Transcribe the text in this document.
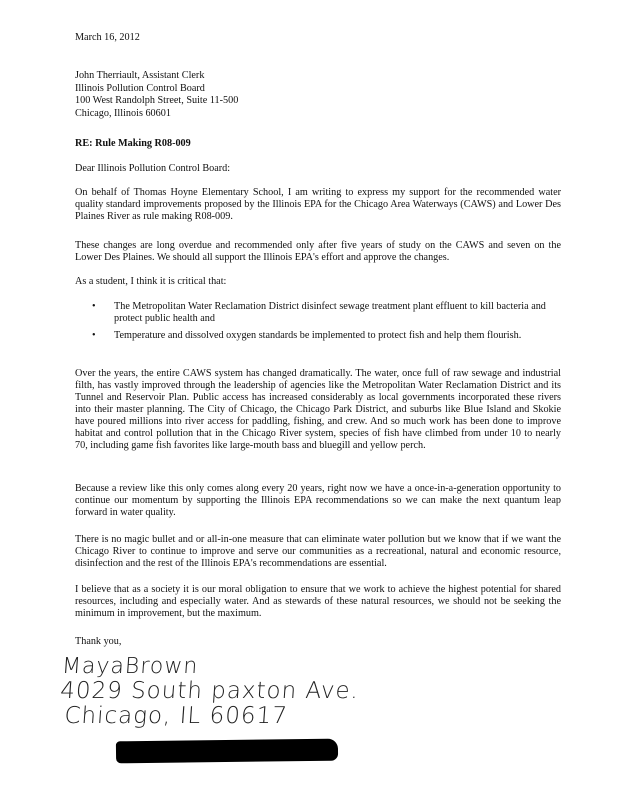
March 16, 2012
John Therriault, Assistant Clerk
Illinois Pollution Control Board
100 West Randolph Street, Suite 11-500
Chicago, Illinois 60601
RE: Rule Making R08-009
Dear Illinois Pollution Control Board:

On behalf of Thomas Hoyne Elementary School, I am writing to express my support for the recommended water quality standard improvements proposed by the Illinois EPA for the Chicago Area Waterways (CAWS) and Lower Des Plaines River as rule making R08-009.

These changes are long overdue and recommended only after five years of study on the CAWS and seven on the Lower Des Plaines. We should all support the Illinois EPA's effort and approve the changes.

As a student, I think it is critical that:

• The Metropolitan Water Reclamation District disinfect sewage treatment plant effluent to kill bacteria and protect public health and
• Temperature and dissolved oxygen standards be implemented to protect fish and help them flourish.

Over the years, the entire CAWS system has changed dramatically. The water, once full of raw sewage and industrial filth, has vastly improved through the leadership of agencies like the Metropolitan Water Reclamation District and its Tunnel and Reservoir Plan. Public access has increased considerably as local governments incorporated these rivers into their master planning. The City of Chicago, the Chicago Park District, and suburbs like Blue Island and Skokie have poured millions into river access for paddling, fishing, and crew. And so much work has been done to improve habitat and control pollution that in the Chicago River system, species of fish have climbed from under 10 to nearly 70, including game fish favorites like large-mouth bass and bluegill and yellow perch.

Because a review like this only comes along every 20 years, right now we have a once-in-a-generation opportunity to continue our momentum by supporting the Illinois EPA recommendations so we can make the next quantum leap forward in water quality.

There is no magic bullet and or all-in-one measure that can eliminate water pollution but we know that if we want the Chicago River to continue to improve and serve our communities as a recreational, natural and economic resource, disinfection and the rest of the Illinois EPA's recommendations are essential.

I believe that as a society it is our moral obligation to ensure that we work to achieve the highest potential for shared resources, including and especially water. And as stewards of these natural resources, we should not be seeking the minimum in improvement, but the maximum.

Thank you,
MayaBrown
4029 South paxton Ave.
Chicago, IL 60617
